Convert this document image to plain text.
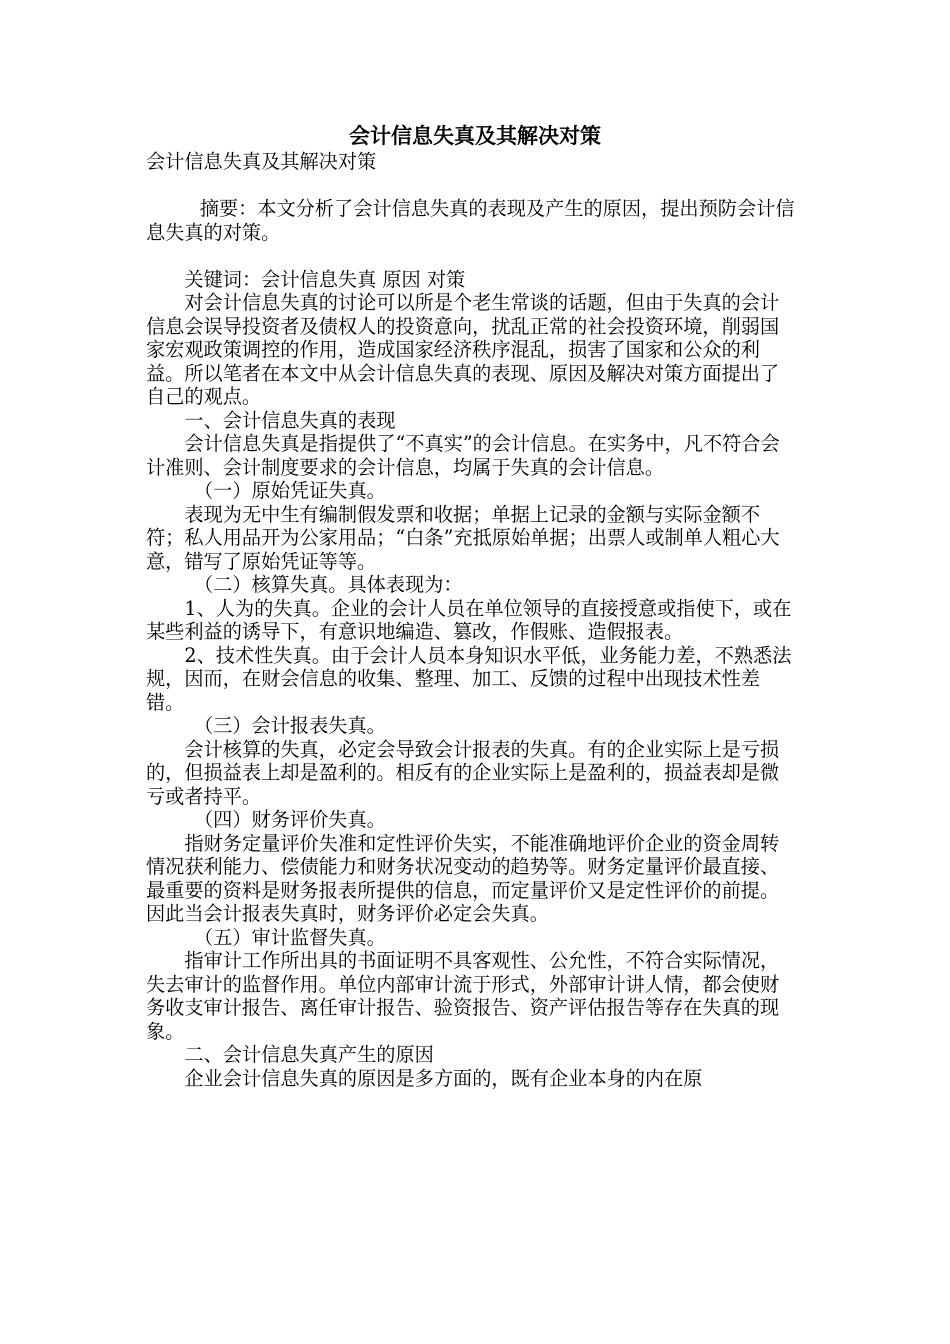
会计信息失真及其解决对策

会计信息失真及其解决对策

摘要：本文分析了会计信息失真的表现及产生的原因，提出预防会计信息失真的对策。

关键词：会计信息失真 原因 对策

对会计信息失真的讨论可以所是个老生常谈的话题，但由于失真的会计信息会误导投资者及债权人的投资意向，扰乱正常的社会投资环境，削弱国家宏观政策调控的作用，造成国家经济秩序混乱，损害了国家和公众的利益。所以笔者在本文中从会计信息失真的表现、原因及解决对策方面提出了自己的观点。

一、会计信息失真的表现

会计信息失真是指提供了“不真实”的会计信息。在实务中，凡不符合会计准则、会计制度要求的会计信息，均属于失真的会计信息。

（一）原始凭证失真。

表现为无中生有编制假发票和收据；单据上记录的金额与实际金额不符；私人用品开为公家用品；“白条”充抵原始单据；出票人或制单人粗心大意，错写了原始凭证等等。

（二）核算失真。具体表现为：

1、人为的失真。企业的会计人员在单位领导的直接授意或指使下，或在某些利益的诱导下，有意识地编造、篡改，作假账、造假报表。

2、技术性失真。由于会计人员本身知识水平低，业务能力差，不熟悉法规，因而，在财会信息的收集、整理、加工、反馈的过程中出现技术性差错。

（三）会计报表失真。

会计核算的失真，必定会导致会计报表的失真。有的企业实际上是亏损的，但损益表上却是盈利的。相反有的企业实际上是盈利的，损益表却是微亏或者持平。

（四）财务评价失真。

指财务定量评价失准和定性评价失实，不能准确地评价企业的资金周转情况获利能力、偿债能力和财务状况变动的趋势等。财务定量评价最直接、最重要的资料是财务报表所提供的信息，而定量评价又是定性评价的前提。因此当会计报表失真时，财务评价必定会失真。

（五）审计监督失真。

指审计工作所出具的书面证明不具客观性、公允性，不符合实际情况，失去审计的监督作用。单位内部审计流于形式，外部审计讲人情，都会使财务收支审计报告、离任审计报告、验资报告、资产评估报告等存在失真的现象。

二、会计信息失真产生的原因

企业会计信息失真的原因是多方面的，既有企业本身的内在原
